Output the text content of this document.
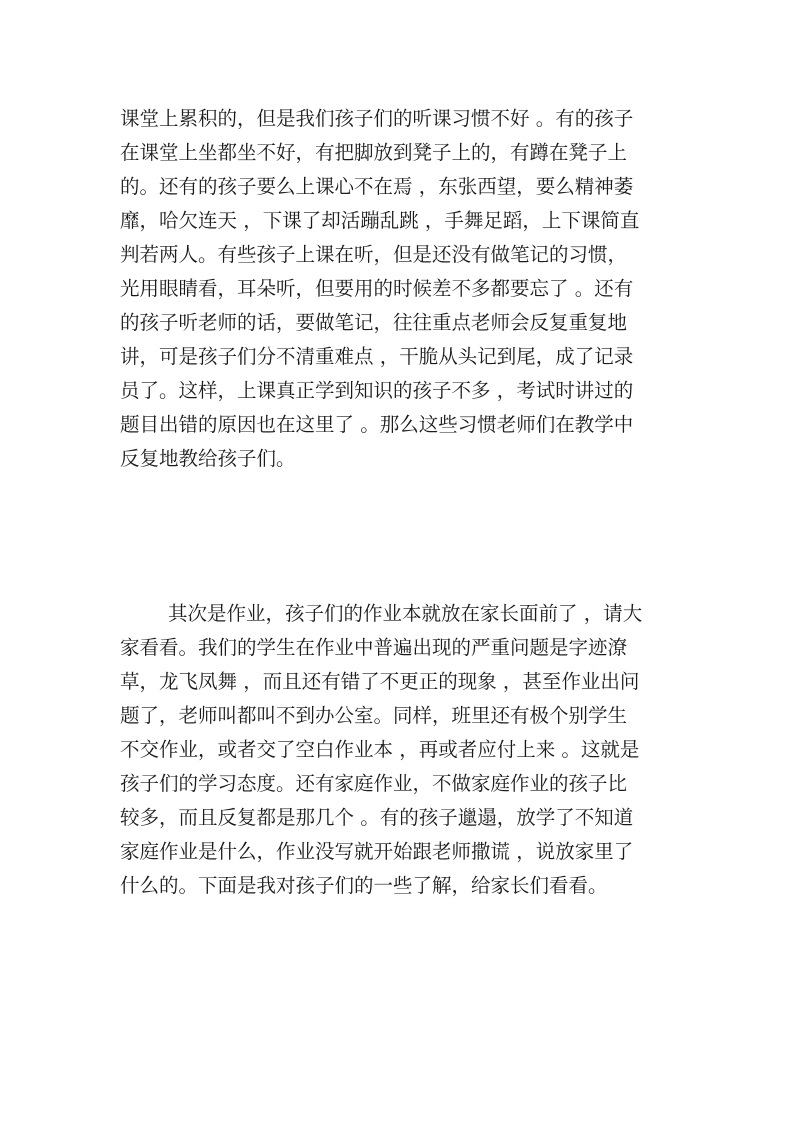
课堂上累积的，但是我们孩子们的听课习惯不好 。有的孩子
在课堂上坐都坐不好，有把脚放到凳子上的，有蹲在凳子上
的。还有的孩子要么上课心不在焉 ，东张西望，要么精神萎
靡，哈欠连天 ，下课了却活蹦乱跳 ，手舞足蹈，上下课简直
判若两人。有些孩子上课在听，但是还没有做笔记的习惯，
光用眼睛看，耳朵听，但要用的时候差不多都要忘了 。还有
的孩子听老师的话，要做笔记，往往重点老师会反复重复地
讲，可是孩子们分不清重难点 ，干脆从头记到尾，成了记录
员了。这样，上课真正学到知识的孩子不多 ，考试时讲过的
题目出错的原因也在这里了 。那么这些习惯老师们在教学中
反复地教给孩子们。
其次是作业，孩子们的作业本就放在家长面前了 ，请大
家看看。我们的学生在作业中普遍出现的严重问题是字迹潦
草，龙飞凤舞 ，而且还有错了不更正的现象 ，甚至作业出问
题了，老师叫都叫不到办公室。同样，班里还有极个别学生
不交作业，或者交了空白作业本 ，再或者应付上来 。这就是
孩子们的学习态度。还有家庭作业，不做家庭作业的孩子比
较多，而且反复都是那几个 。有的孩子邋遢，放学了不知道
家庭作业是什么，作业没写就开始跟老师撒谎 ，说放家里了
什么的。下面是我对孩子们的一些了解，给家长们看看。
